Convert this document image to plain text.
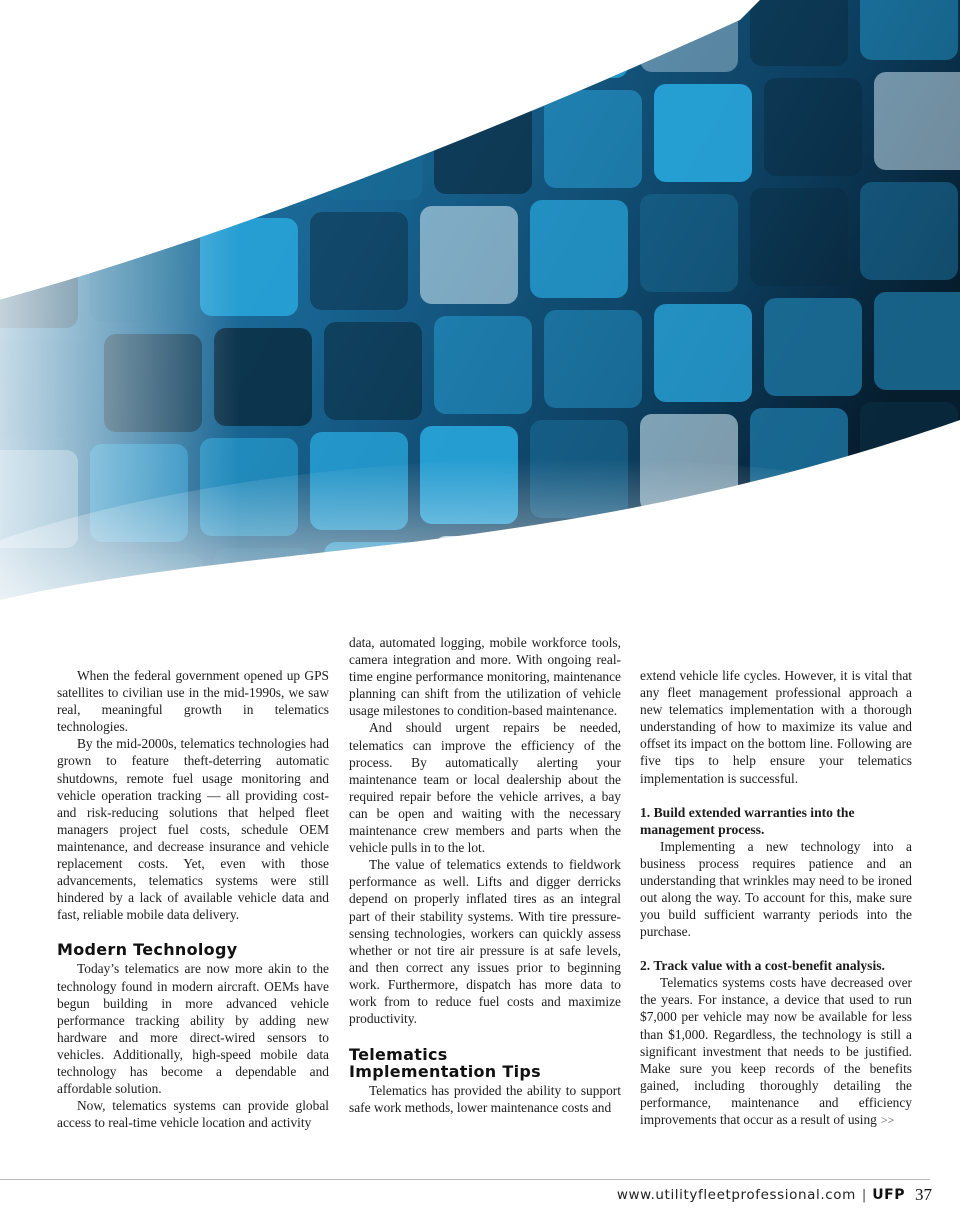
When the federal government opened up GPS satellites to civilian use in the mid-1990s, we saw real, meaningful growth in telematics technologies.

By the mid-2000s, telematics technologies had grown to feature theft-deterring automatic shutdowns, remote fuel usage monitoring and vehicle operation tracking — all providing cost- and risk-reducing solutions that helped fleet managers project fuel costs, schedule OEM maintenance, and decrease insurance and vehicle replacement costs. Yet, even with those advancements, telematics systems were still hindered by a lack of available vehicle data and fast, reliable mobile data delivery.

Modern Technology

Today’s telematics are now more akin to the technology found in modern aircraft. OEMs have begun building in more advanced vehicle performance tracking ability by adding new hardware and more direct-wired sensors to vehicles. Additionally, high-speed mobile data technology has become a dependable and affordable solution.

Now, telematics systems can provide global access to real-time vehicle location and activity

data, automated logging, mobile workforce tools, camera integration and more. With ongoing real-time engine performance monitoring, maintenance planning can shift from the utilization of vehicle usage milestones to condition-based maintenance.

And should urgent repairs be needed, telematics can improve the efficiency of the process. By automatically alerting your maintenance team or local dealership about the required repair before the vehicle arrives, a bay can be open and waiting with the necessary maintenance crew members and parts when the vehicle pulls in to the lot.

The value of telematics extends to fieldwork performance as well. Lifts and digger derricks depend on properly inflated tires as an integral part of their stability systems. With tire pressure-sensing technologies, workers can quickly assess whether or not tire air pressure is at safe levels, and then correct any issues prior to beginning work. Furthermore, dispatch has more data to work from to reduce fuel costs and maximize productivity.

Telematics
Implementation Tips

Telematics has provided the ability to support safe work methods, lower maintenance costs and

extend vehicle life cycles. However, it is vital that any fleet management professional approach a new telematics implementation with a thorough understanding of how to maximize its value and offset its impact on the bottom line. Following are five tips to help ensure your telematics implementation is successful.

1. Build extended warranties into the management process.

Implementing a new technology into a business process requires patience and an understanding that wrinkles may need to be ironed out along the way. To account for this, make sure you build sufficient warranty periods into the purchase.

2. Track value with a cost-benefit analysis.

Telematics systems costs have decreased over the years. For instance, a device that used to run $7,000 per vehicle may now be available for less than $1,000. Regardless, the technology is still a significant investment that needs to be justified. Make sure you keep records of the benefits gained, including thoroughly detailing the performance, maintenance and efficiency improvements that occur as a result of using >>

www.utilityfleetprofessional.com | UFP 37
